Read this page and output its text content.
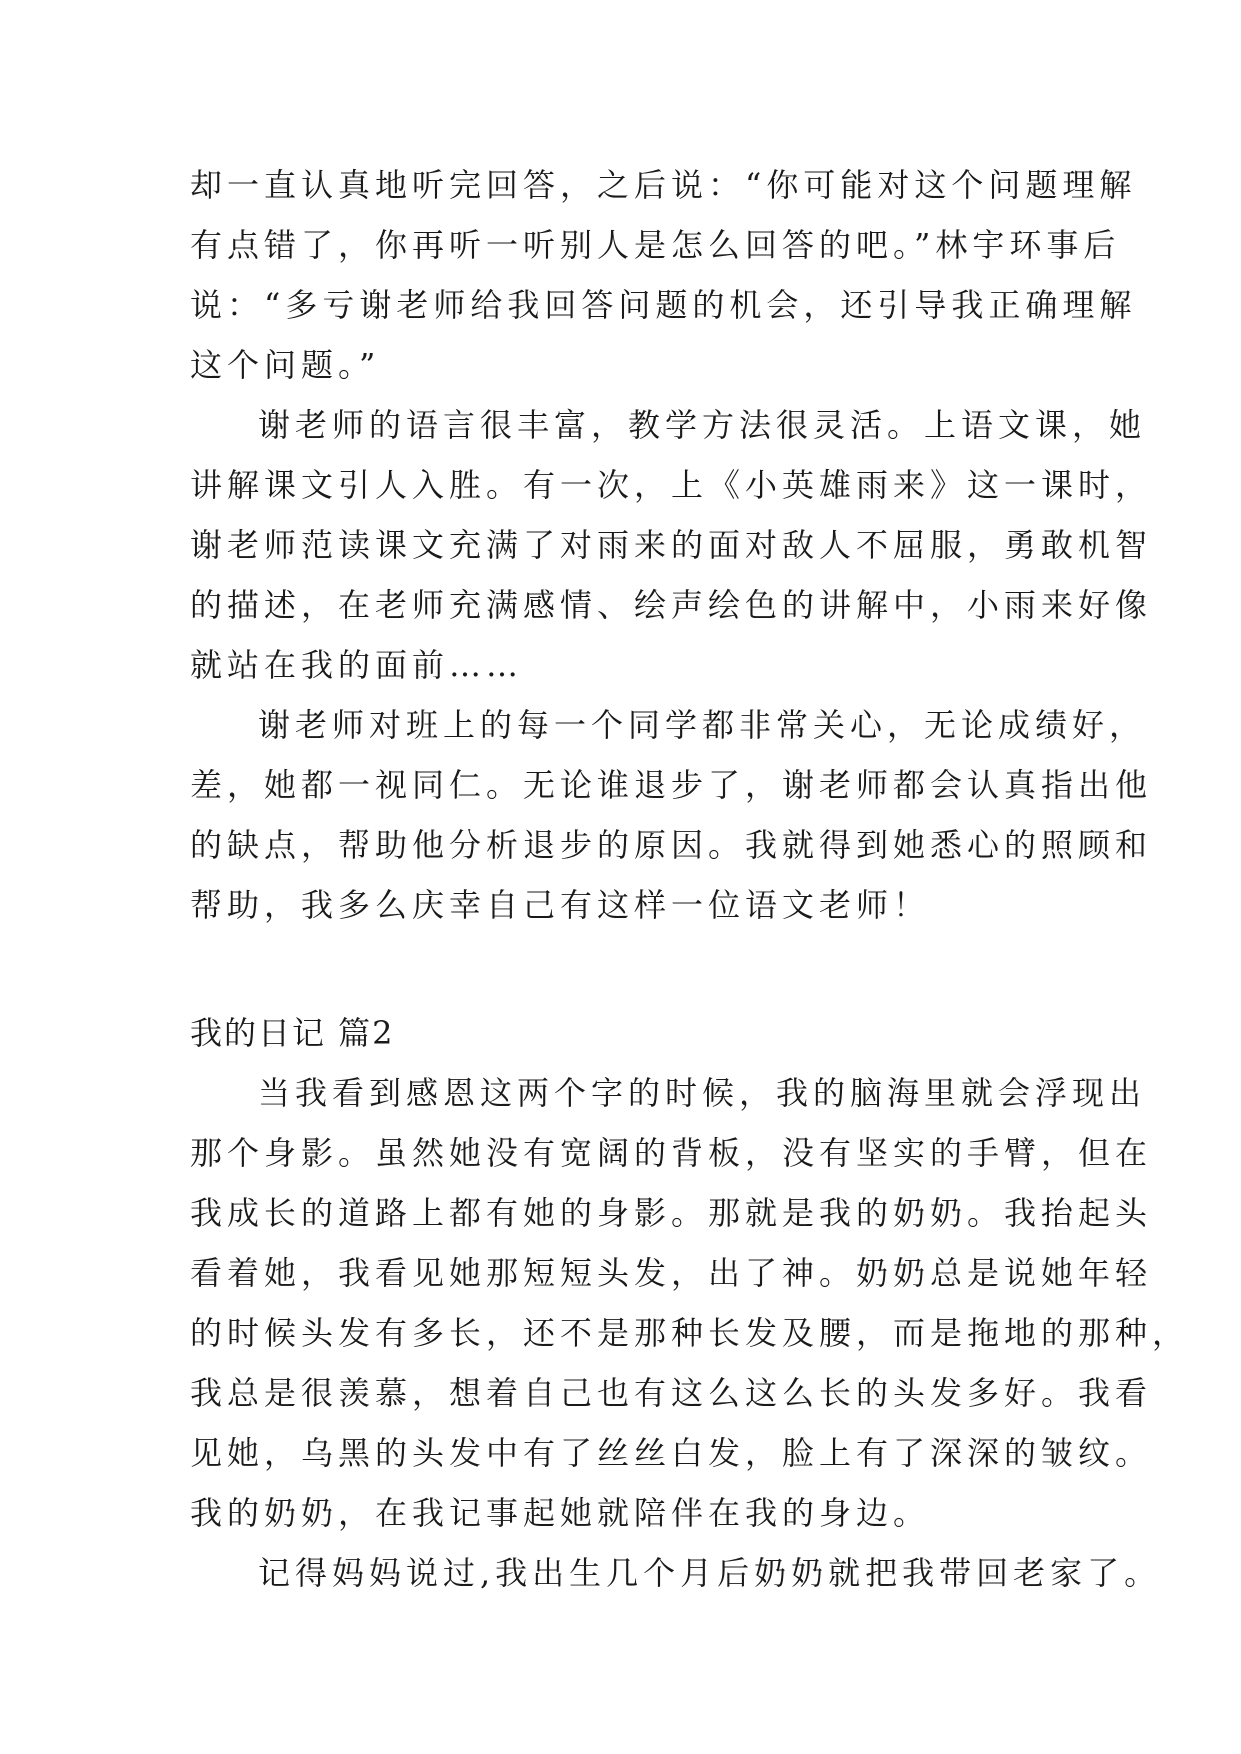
却一直认真地听完回答，之后说：“你可能对这个问题理解

有点错了，你再听一听别人是怎么回答的吧。”林宇环事后

说：“多亏谢老师给我回答问题的机会，还引导我正确理解

这个问题。”

谢老师的语言很丰富，教学方法很灵活。上语文课，她

讲解课文引人入胜。有一次，上《小英雄雨来》这一课时，

谢老师范读课文充满了对雨来的面对敌人不屈服，勇敢机智

的描述，在老师充满感情、绘声绘色的讲解中，小雨来好像

就站在我的面前……

谢老师对班上的每一个同学都非常关心，无论成绩好，

差，她都一视同仁。无论谁退步了，谢老师都会认真指出他

的缺点，帮助他分析退步的原因。我就得到她悉心的照顾和

帮助，我多么庆幸自己有这样一位语文老师！

我的日记 篇2

当我看到感恩这两个字的时候，我的脑海里就会浮现出

那个身影。虽然她没有宽阔的背板，没有坚实的手臂，但在

我成长的道路上都有她的身影。那就是我的奶奶。我抬起头

看着她，我看见她那短短头发，出了神。奶奶总是说她年轻

的时候头发有多长，还不是那种长发及腰，而是拖地的那种，

我总是很羡慕，想着自己也有这么这么长的头发多好。我看

见她，乌黑的头发中有了丝丝白发，脸上有了深深的皱纹。

我的奶奶，在我记事起她就陪伴在我的身边。

记得妈妈说过,我出生几个月后奶奶就把我带回老家了。
